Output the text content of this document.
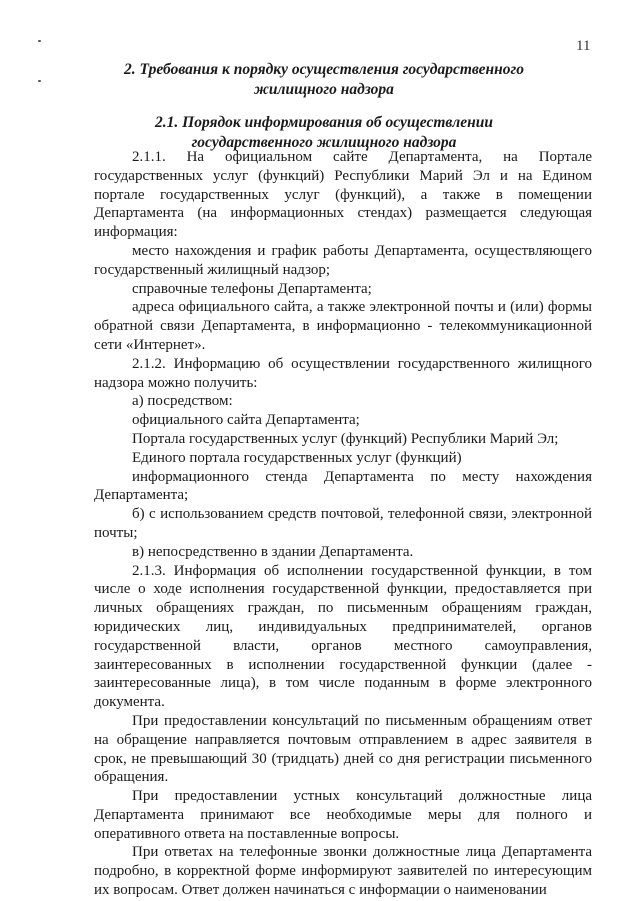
11
2. Требования к порядку осуществления государственного жилищного надзора
2.1. Порядок информирования об осуществлении государственного жилищного надзора

2.1.1. На официальном сайте Департамента, на Портале государственных услуг (функций) Республики Марий Эл и на Едином портале государственных услуг (функций), а также в помещении Департамента (на информационных стендах) размещается следующая информация:

место нахождения и график работы Департамента, осуществляющего государственный жилищный надзор;

справочные телефоны Департамента;

адреса официального сайта, а также электронной почты и (или) формы обратной связи Департамента, в информационно - телекоммуникационной сети «Интернет».

2.1.2. Информацию об осуществлении государственного жилищного надзора можно получить:

а) посредством:

официального сайта Департамента;

Портала государственных услуг (функций) Республики Марий Эл;

Единого портала государственных услуг (функций)

информационного стенда Департамента по месту нахождения Департамента;

б) с использованием средств почтовой, телефонной связи, электронной почты;

в) непосредственно в здании Департамента.

2.1.3. Информация об исполнении государственной функции, в том числе о ходе исполнения государственной функции, предоставляется при личных обращениях граждан, по письменным обращениям граждан, юридических лиц, индивидуальных предпринимателей, органов государственной власти, органов местного самоуправления, заинтересованных в исполнении государственной функции (далее - заинтересованные лица), в том числе поданным в форме электронного документа.

При предоставлении консультаций по письменным обращениям ответ на обращение направляется почтовым отправлением в адрес заявителя в срок, не превышающий 30 (тридцать) дней со дня регистрации письменного обращения.

При предоставлении устных консультаций должностные лица Департамента принимают все необходимые меры для полного и оперативного ответа на поставленные вопросы.

При ответах на телефонные звонки должностные лица Департамента подробно, в корректной форме информируют заявителей по интересующим их вопросам. Ответ должен начинаться с информации о наименовании
